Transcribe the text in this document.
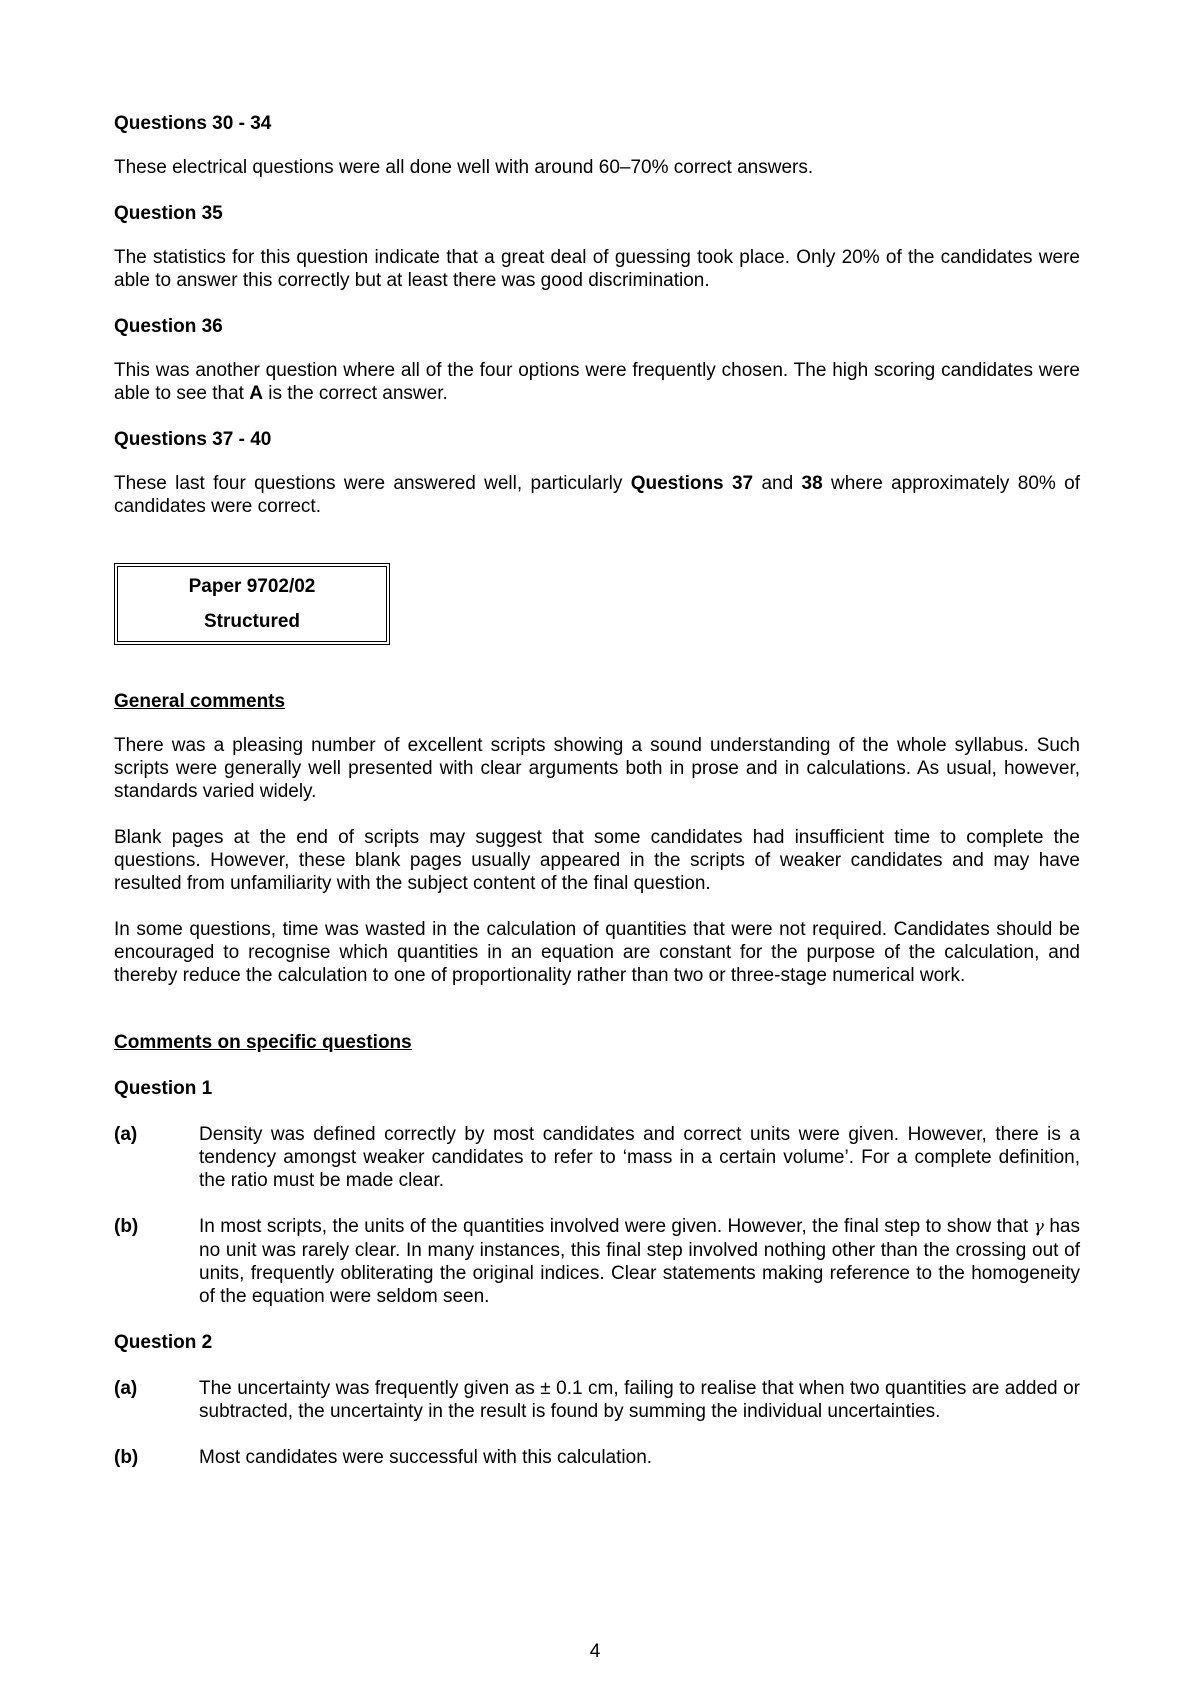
Questions 30 - 34

These electrical questions were all done well with around 60–70% correct answers.

Question 35

The statistics for this question indicate that a great deal of guessing took place. Only 20% of the candidates were able to answer this correctly but at least there was good discrimination.

Question 36

This was another question where all of the four options were frequently chosen. The high scoring candidates were able to see that A is the correct answer.

Questions 37 - 40

These last four questions were answered well, particularly Questions 37 and 38 where approximately 80% of candidates were correct.

Paper 9702/02
Structured
General comments

There was a pleasing number of excellent scripts showing a sound understanding of the whole syllabus. Such scripts were generally well presented with clear arguments both in prose and in calculations. As usual, however, standards varied widely.

Blank pages at the end of scripts may suggest that some candidates had insufficient time to complete the questions. However, these blank pages usually appeared in the scripts of weaker candidates and may have resulted from unfamiliarity with the subject content of the final question.

In some questions, time was wasted in the calculation of quantities that were not required. Candidates should be encouraged to recognise which quantities in an equation are constant for the purpose of the calculation, and thereby reduce the calculation to one of proportionality rather than two or three-stage numerical work.

Comments on specific questions
Question 1
(a)	Density was defined correctly by most candidates and correct units were given. However, there is a tendency amongst weaker candidates to refer to ‘mass in a certain volume’. For a complete definition, the ratio must be made clear.
(b)	In most scripts, the units of the quantities involved were given. However, the final step to show that γ has no unit was rarely clear. In many instances, this final step involved nothing other than the crossing out of units, frequently obliterating the original indices. Clear statements making reference to the homogeneity of the equation were seldom seen.
Question 2
(a)	The uncertainty was frequently given as ± 0.1 cm, failing to realise that when two quantities are added or subtracted, the uncertainty in the result is found by summing the individual uncertainties.
(b)	Most candidates were successful with this calculation.
4
